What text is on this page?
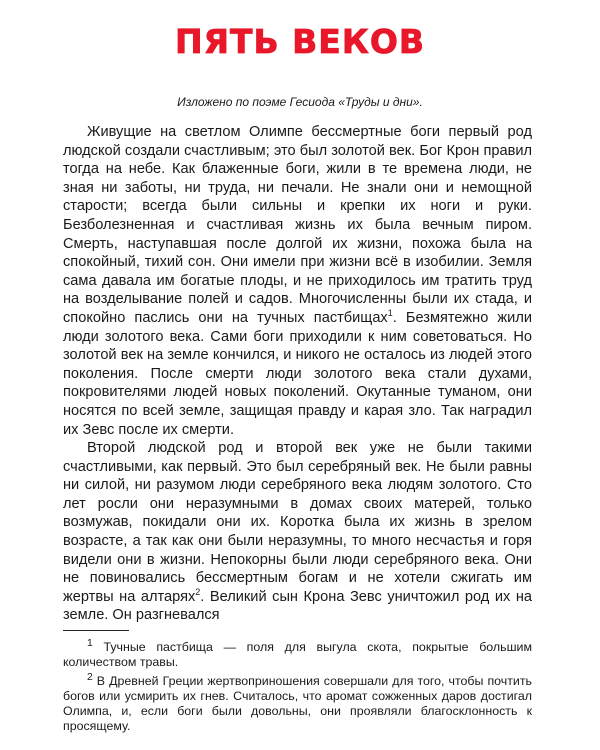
ПЯТЬ ВЕКОВ
Изложено по поэме Гесиода «Труды и дни».

Живущие на светлом Олимпе бессмертные боги первый род людской создали счастливым; это был золотой век. Бог Крон правил тогда на небе. Как блаженные боги, жили в те времена люди, не зная ни заботы, ни труда, ни печали. Не знали они и немощной старости; всегда были сильны и крепки их ноги и руки. Безболезненная и счастливая жизнь их была вечным пиром. Смерть, наступавшая после долгой их жизни, похожа была на спокойный, тихий сон. Они имели при жизни всё в изобилии. Земля сама давала им богатые плоды, и не приходилось им тратить труд на возделывание полей и садов. Многочисленны были их стада, и спокойно паслись они на тучных пастбищах$^1$. Безмятежно жили люди золотого века. Сами боги приходили к ним советоваться. Но золотой век на земле кончился, и никого не осталось из людей этого поколения. После смерти люди золотого века стали духами, покровителями людей новых поколений. Окутанные туманом, они носятся по всей земле, защищая правду и карая зло. Так наградил их Зевс после их смерти.

Второй людской род и второй век уже не были такими счастливыми, как первый. Это был серебряный век. Не были равны ни силой, ни разумом люди серебряного века людям золотого. Сто лет росли они неразумными в домах своих матерей, только возмужав, покидали они их. Коротка была их жизнь в зрелом возрасте, а так как они были неразумны, то много несчастья и горя видели они в жизни. Непокорны были люди серебряного века. Они не повиновались бессмертным богам и не хотели сжигать им жертвы на алтарях$^2$. Великий сын Крона Зевс уничтожил род их на земле. Он разгневался

$^1$ Тучные пастбища — поля для выгула скота, покрытые большим количеством травы.

$^2$ В Древней Греции жертвоприношения совершали для того, чтобы почтить богов или усмирить их гнев. Считалось, что аромат сожженных даров достигал Олимпа, и, если боги были довольны, они проявляли благосклонность к просящему.
